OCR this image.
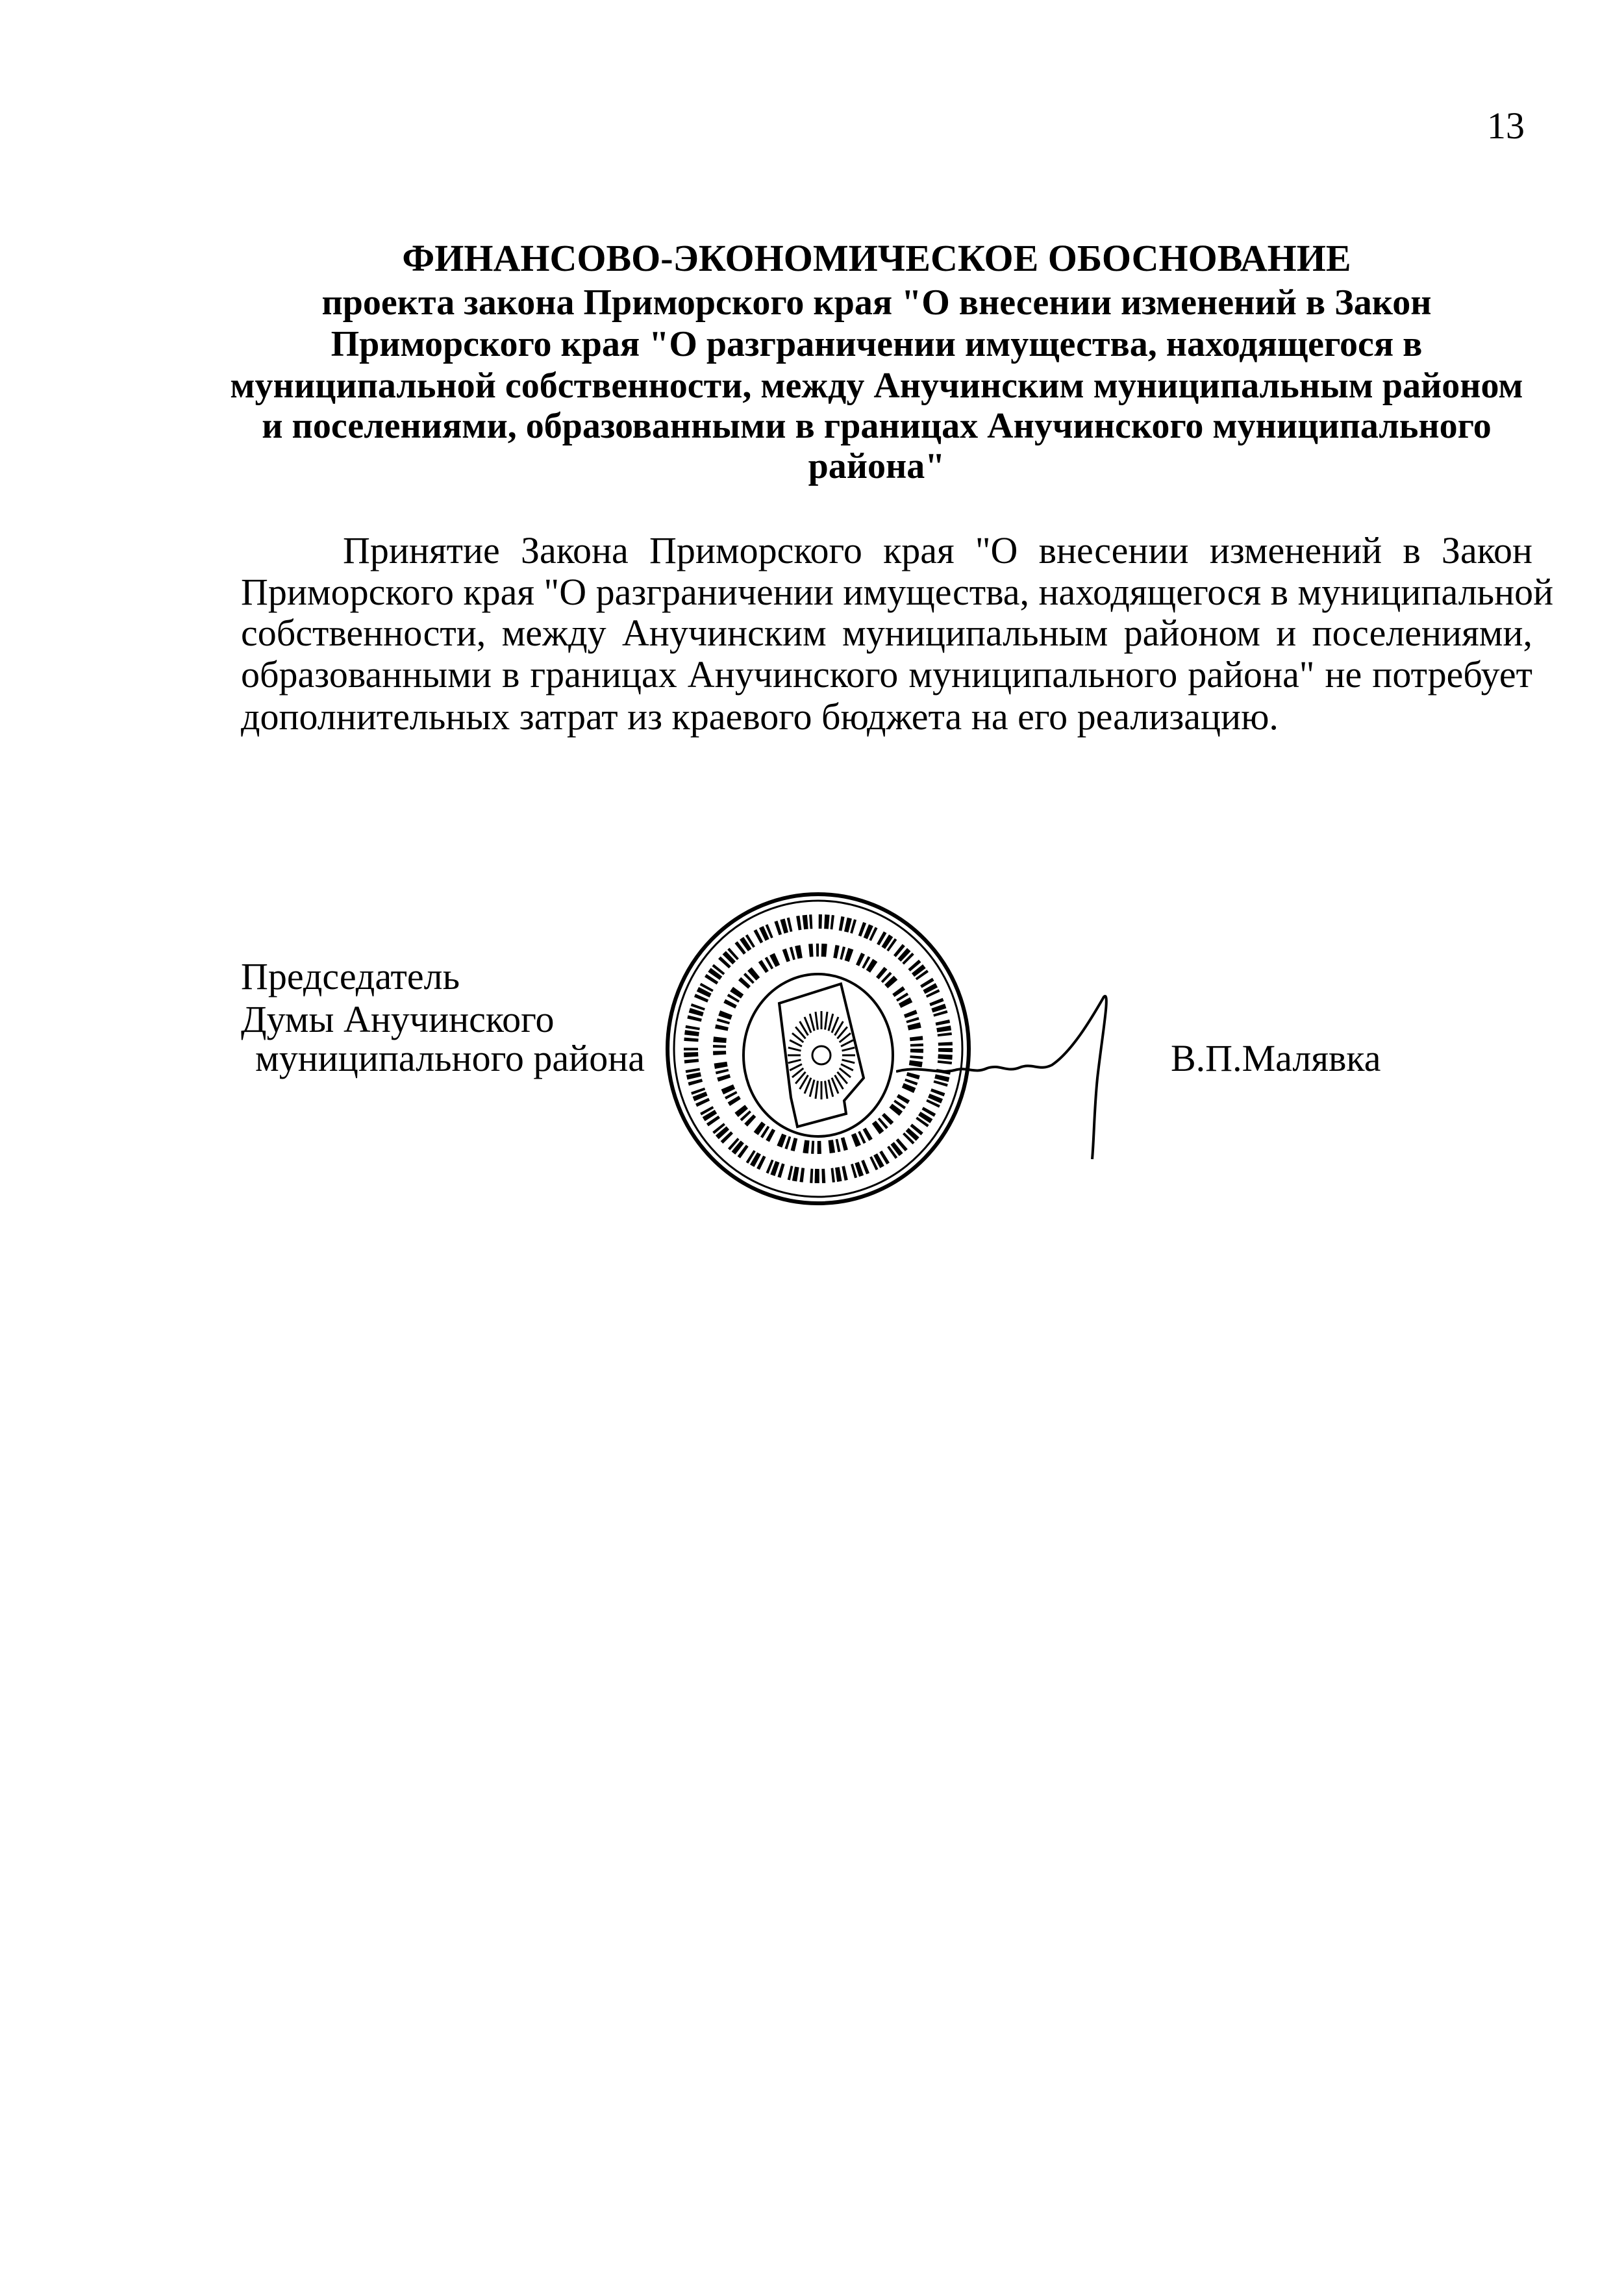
13
ФИНАНСОВО-ЭКОНОМИЧЕСКОЕ ОБОСНОВАНИЕ
проекта закона Приморского края "О внесении изменений в Закон
Приморского края "О разграничении имущества, находящегося в
муниципальной собственности, между Анучинским муниципальным районом
и поселениями, образованными в границах Анучинского муниципального
района"
Принятие Закона Приморского края "О внесении изменений в Закон
Приморского края "О разграничении имущества, находящегося в муниципальной
собственности, между Анучинским муниципальным районом и поселениями,
образованными в границах Анучинского муниципального района" не потребует
дополнительных затрат из краевого бюджета на его реализацию.
Председатель
Думы Анучинского
муниципального района	В.П.Малявка
